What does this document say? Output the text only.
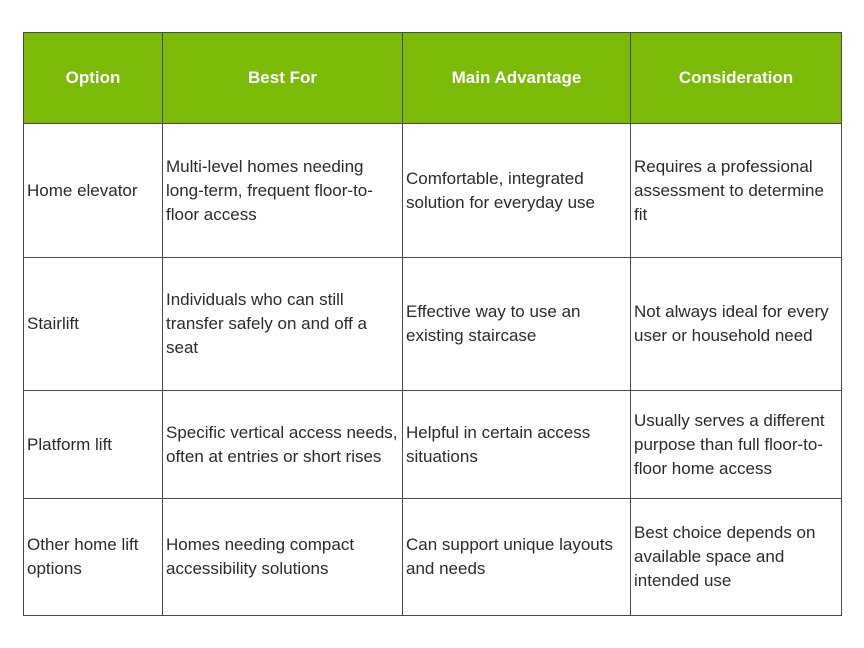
Option	Best For	Main Advantage	Consideration
Home elevator	Multi-level homes needing long-term, frequent floor-to-floor access	Comfortable, integrated solution for everyday use	Requires a professional assessment to determine fit
Stairlift	Individuals who can still transfer safely on and off a seat	Effective way to use an existing staircase	Not always ideal for every user or household need
Platform lift	Specific vertical access needs, often at entries or short rises	Helpful in certain access situations	Usually serves a different purpose than full floor-to-floor home access
Other home lift options	Homes needing compact accessibility solutions	Can support unique layouts and needs	Best choice depends on available space and intended use
